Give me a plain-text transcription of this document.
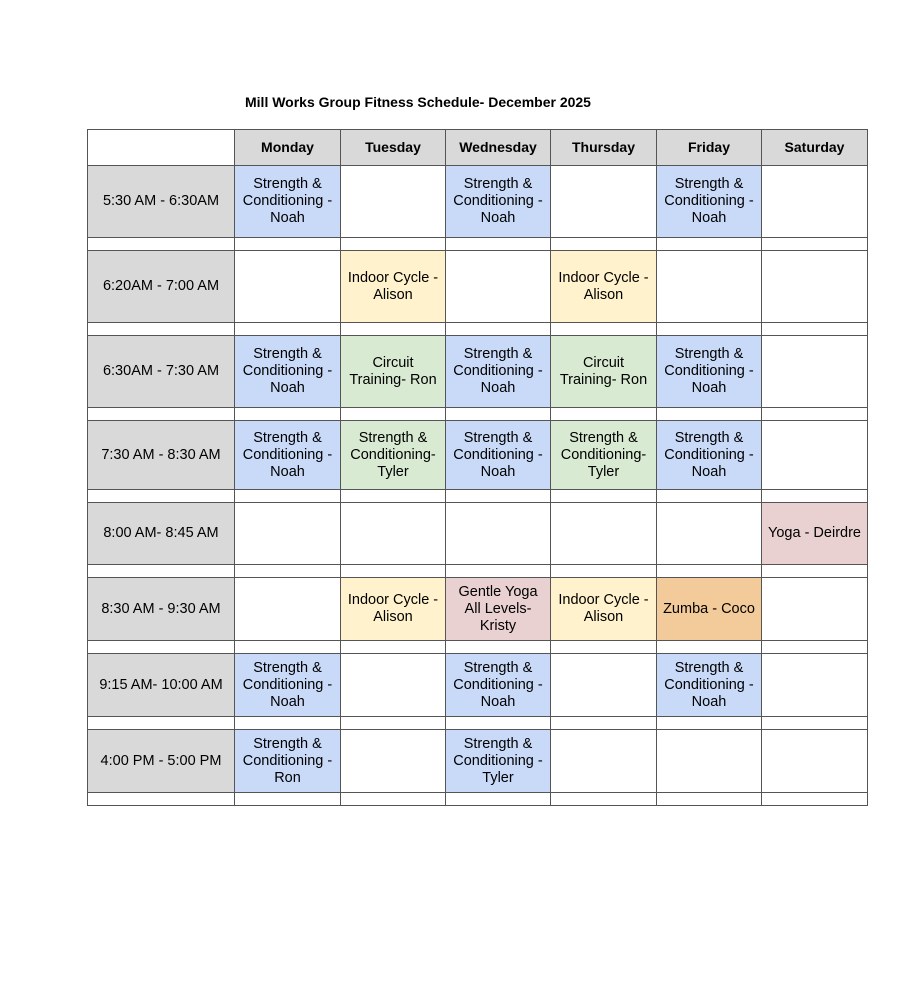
Mill Works Group Fitness Schedule- December 2025
	Monday	Tuesday	Wednesday	Thursday	Friday	Saturday
5:30 AM - 6:30AM	Strength & Conditioning - Noah		Strength & Conditioning - Noah		Strength & Conditioning - Noah	

6:20AM - 7:00 AM		Indoor Cycle - Alison		Indoor Cycle - Alison		

6:30AM - 7:30 AM	Strength & Conditioning - Noah	Circuit Training- Ron	Strength & Conditioning - Noah	Circuit Training- Ron	Strength & Conditioning - Noah	

7:30 AM - 8:30 AM	Strength & Conditioning - Noah	Strength & Conditioning- Tyler	Strength & Conditioning - Noah	Strength & Conditioning- Tyler	Strength & Conditioning - Noah	

8:00 AM- 8:45 AM						Yoga - Deirdre

8:30 AM - 9:30 AM		Indoor Cycle - Alison	Gentle Yoga All Levels- Kristy	Indoor Cycle - Alison	Zumba - Coco	

9:15 AM- 10:00 AM	Strength & Conditioning - Noah		Strength & Conditioning - Noah		Strength & Conditioning - Noah	

4:00 PM - 5:00 PM	Strength & Conditioning - Ron		Strength & Conditioning - Tyler			
